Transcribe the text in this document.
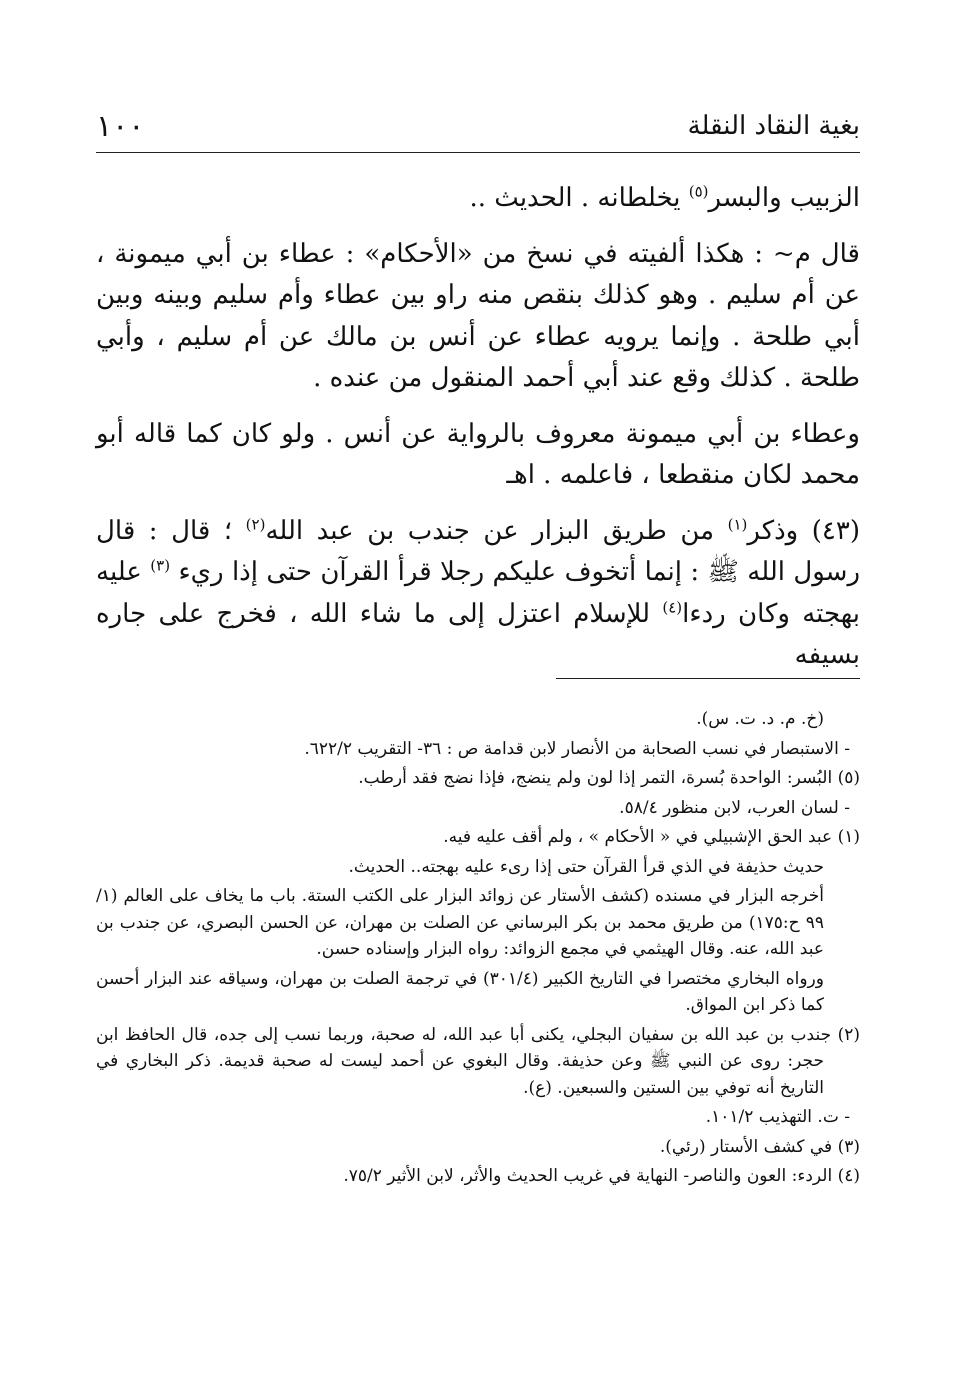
بغية النقاد النقلة
١٠٠

الزبيب والبسر$^{(٥)}$ يخلطانه . الحديث ..

قال م~ : هكذا ألفيته في نسخ من «الأحكام» : عطاء بن أبي ميمونة ، عن أم سليم . وهو كذلك بنقص منه راو بين عطاء وأم سليم وبينه وبين أبي طلحة . وإنما يرويه عطاء عن أنس بن مالك عن أم سليم ، وأبي طلحة . كذلك وقع عند أبي أحمد المنقول من عنده .

وعطاء بن أبي ميمونة معروف بالرواية عن أنس . ولو كان كما قاله أبو محمد لكان منقطعا ، فاعلمه . اهـ

(٤٣) وذكر$^{(١)}$ من طريق البزار عن جندب بن عبد الله$^{(٢)}$ ؛ قال : قال رسول الله ﷺ : إنما أتخوف عليكم رجلا قرأ القرآن حتى إذا ريء $^{(٣)}$ عليه بهجته وكان ردءا$^{(٤)}$ للإسلام اعتزل إلى ما شاء الله ، فخرج على جاره بسيفه

(خ. م. د. ت. س).
- الاستبصار في نسب الصحابة من الأنصار لابن قدامة ص : ٣٦- التقريب ٦٢٢/٢.
(٥) البُسر: الواحدة بُسرة، التمر إذا لون ولم ينضج، فإذا نضج فقد أرطب.
- لسان العرب، لابن منظور ٥٨/٤.
(١) عبد الحق الإشبيلي في « الأحكام » ، ولم أقف عليه فيه.
حديث حذيفة في الذي قرأ القرآن حتى إذا رىء عليه بهجته.. الحديث.
أخرجه البزار في مسنده (كشف الأستار عن زوائد البزار على الكتب الستة. باب ما يخاف على العالم (١/ ٩٩ ح:١٧٥) من طريق محمد بن بكر البرساني عن الصلت بن مهران، عن الحسن البصري، عن جندب بن عبد الله، عنه. وقال الهيثمي في مجمع الزوائد: رواه البزار وإسناده حسن.
ورواه البخاري مختصرا في التاريخ الكبير (٣٠١/٤) في ترجمة الصلت بن مهران، وسياقه عند البزار أحسن كما ذكر ابن المواق.
(٢) جندب بن عبد الله بن سفيان البجلي، يكنى أبا عبد الله، له صحبة، وربما نسب إلى جده، قال الحافظ ابن حجر: روى عن النبي ﷺ وعن حذيفة. وقال البغوي عن أحمد ليست له صحبة قديمة. ذكر البخاري في التاريخ أنه توفي بين الستين والسبعين. (ع).
- ت. التهذيب ١٠١/٢.
(٣) في كشف الأستار (رئي).
(٤) الردء: العون والناصر- النهاية في غريب الحديث والأثر، لابن الأثير ٧٥/٢.
